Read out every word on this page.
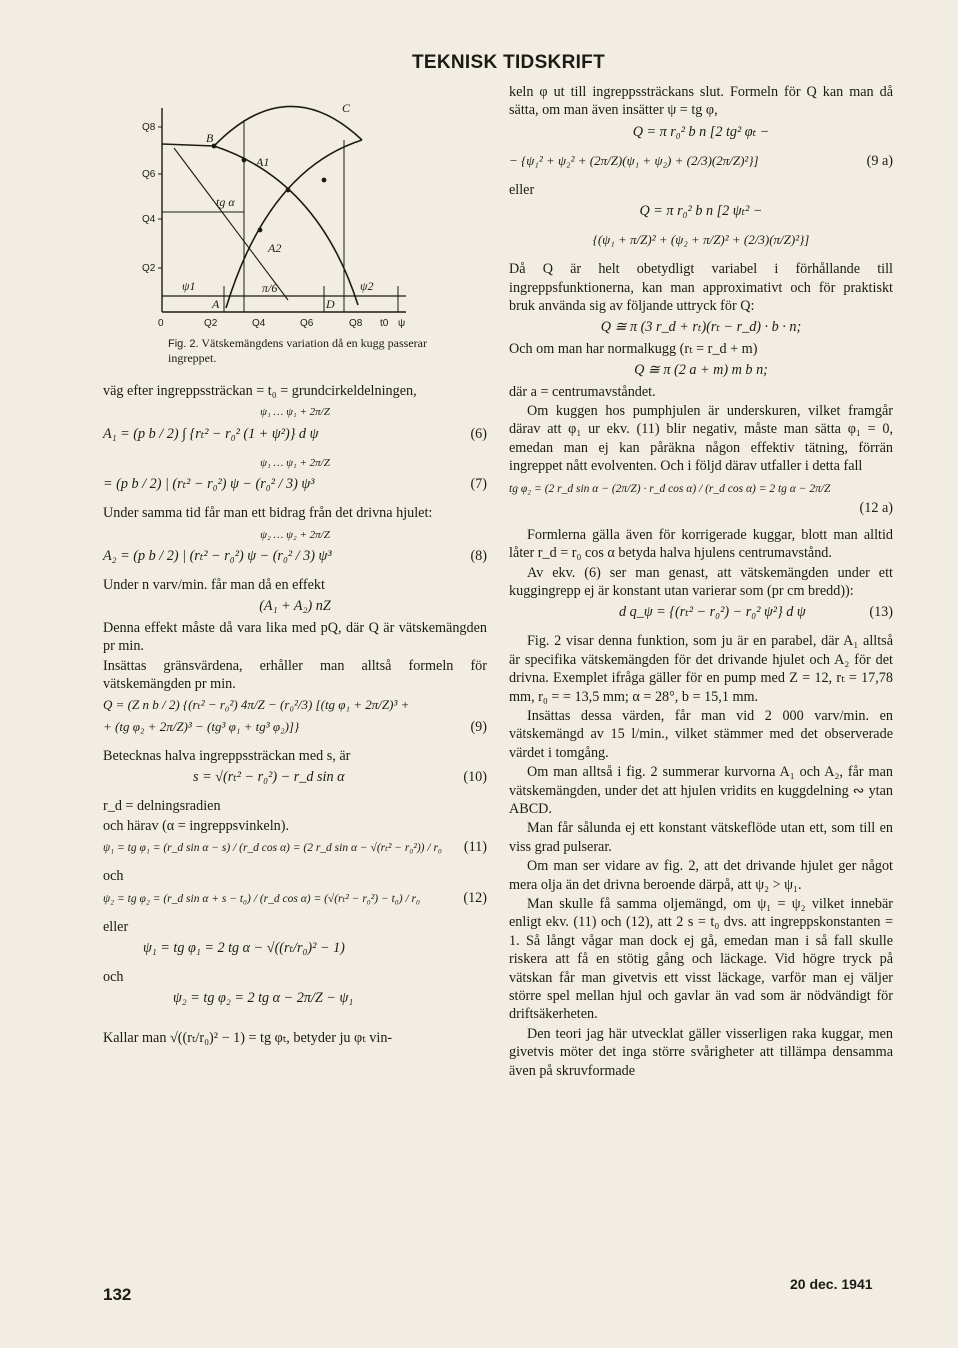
TEKNISK TIDSKRIFT
Q8
Q6
Q4
Q2
0	Q2	Q4	Q6	Q8 t0 ψ
B
C
A1
A2
A	D
tg α
π/6
ψ1	ψ2
Fig. 2. Vätskemängdens variation då en kugg passerar ingreppet.
väg efter ingreppssträckan = t₀ = grundcirkeldelningen,
ψ₁ … ψ₁ + 2π/Z
A₁ = (p b / 2) ∫ {rₜ² − r₀² (1 + ψ²)} d ψ	(6)
ψ₁ … ψ₁ + 2π/Z
= (p b / 2) | (rₜ² − r₀²) ψ − (r₀² / 3) ψ³	(7)
Under samma tid får man ett bidrag från det drivna hjulet:
ψ₂ … ψ₂ + 2π/Z
A₂ = (p b / 2) | (rₜ² − r₀²) ψ − (r₀² / 3) ψ³	(8)
Under n varv/min. får man då en effekt
(A₁ + A₂) nZ
Denna effekt måste då vara lika med pQ, där Q är vätskemängden pr min.
Insättas gränsvärdena, erhåller man alltså formeln för vätskemängden pr min.
Q = (Z n b / 2) {(rₜ² − r₀²) 4π/Z − (r₀²/3) [(tg φ₁ + 2π/Z)³ +
+ (tg φ₂ + 2π/Z)³ − (tg³ φ₁ + tg³ φ₂)]}	(9)
Betecknas halva ingreppssträckan med s, är
s = √(rₜ² − r₀²) − r_d sin α	(10)
r_d = delningsradien
och härav (α = ingreppsvinkeln).
ψ₁ = tg φ₁ = (r_d sin α − s) / (r_d cos α) = (2 r_d sin α − √(rₜ² − r₀²)) / r₀ (11)
och
ψ₂ = tg φ₂ = (r_d sin α + s − t₀) / (r_d cos α) = (√(rₜ² − r₀²) − t₀) / r₀	(12)
eller
ψ₁ = tg φ₁ = 2 tg α − √((rₜ/r₀)² − 1)
och
ψ₂ = tg φ₂ = 2 tg α − 2π/Z − ψ₁
Kallar man √((rₜ/r₀)² − 1) = tg φₜ, betyder ju φₜ vin-
keln φ ut till ingreppssträckans slut. Formeln för Q kan man då sätta, om man även insätter ψ = tg φ,
Q = π r₀² b n [2 tg² φₜ −
− {ψ₁² + ψ₂² + (2π/Z)(ψ₁ + ψ₂) + (2/3)(2π/Z)²}]	(9 a)
eller
Q = π r₀² b n [2 ψₜ² −
{(ψ₁ + π/Z)² + (ψ₂ + π/Z)² + (2/3)(π/Z)²}]
Då Q är helt obetydligt variabel i förhållande till ingreppsfunktionerna, kan man approximativt och för praktiskt bruk använda sig av följande uttryck för Q:
Q ≅ π (3 r_d + rₜ)(rₜ − r_d) · b · n;
Och om man har normalkugg (rₜ = r_d + m)
Q ≅ π (2 a + m) m b n;
där a = centrumavståndet.
Om kuggen hos pumphjulen är underskuren, vilket framgår därav att φ₁ ur ekv. (11) blir negativ, måste man sätta φ₁ = 0, emedan man ej kan påräkna någon effektiv tätning, förrän ingreppet nått evolventen. Och i följd därav utfaller i detta fall
tg φ₂ = (2 r_d sin α − (2π/Z) · r_d cos α) / (r_d cos α) = 2 tg α − 2π/Z
(12 a)
Formlerna gälla även för korrigerade kuggar, blott man alltid låter r_d = r₀ cos α betyda halva hjulens centrumavstånd.
Av ekv. (6) ser man genast, att vätskemängden under ett kuggingrepp ej är konstant utan varierar som (pr cm bredd)):
d q_ψ = {(rₜ² − r₀²) − r₀² ψ²} d ψ	(13)
Fig. 2 visar denna funktion, som ju är en parabel, där A₁ alltså är specifika vätskemängden för det drivande hjulet och A₂ för det drivna. Exemplet ifråga gäller för en pump med Z = 12, rₜ = 17,78 mm, r₀ = = 13,5 mm; α = 28°, b = 15,1 mm.
Insättas dessa värden, får man vid 2 000 varv/min. en vätskemängd av 15 l/min., vilket stämmer med det observerade värdet i tomgång.
Om man alltså i fig. 2 summerar kurvorna A₁ och A₂, får man vätskemängden, under det att hjulen vridits en kuggdelning ∾ ytan ABCD.
Man får sålunda ej ett konstant vätskeflöde utan ett, som till en viss grad pulserar.
Om man ser vidare av fig. 2, att det drivande hjulet ger något mera olja än det drivna beroende därpå, att ψ₂ > ψ₁.
Man skulle få samma oljemängd, om ψ₁ = ψ₂ vilket innebär enligt ekv. (11) och (12), att 2 s = t₀ dvs. att ingreppskonstanten = 1. Så långt vågar man dock ej gå, emedan man i så fall skulle riskera att få en stötig gång och läckage. Vid högre tryck på vätskan får man givetvis ett visst läckage, varför man ej väljer större spel mellan hjul och gavlar än vad som är nödvändigt för driftsäkerheten.
Den teori jag här utvecklat gäller visserligen raka kuggar, men givetvis möter det inga större svårigheter att tillämpa densamma även på skruvformade
132
20 dec. 1941
